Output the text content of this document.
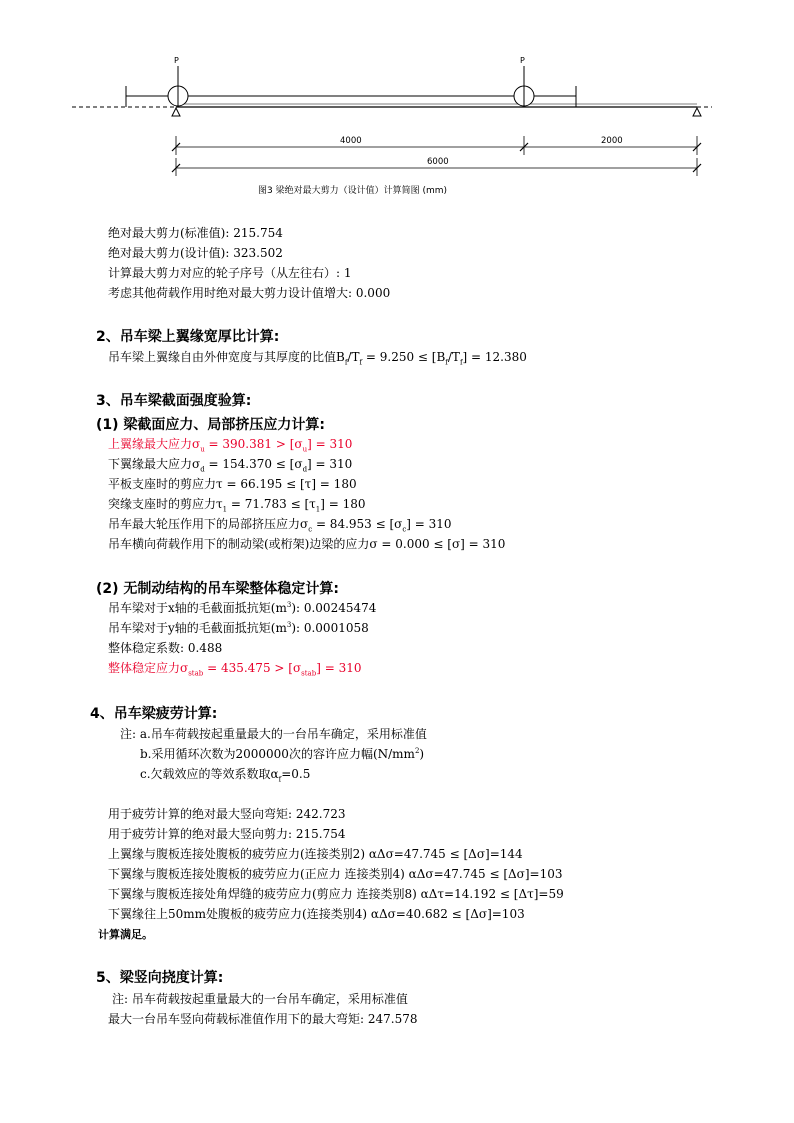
P	P
4000	2000
6000
图3 梁绝对最大剪力（设计值）计算简图 (mm)
绝对最大剪力(标准值): 215.754
绝对最大剪力(设计值): 323.502
计算最大剪力对应的轮子序号（从左往右）: 1
考虑其他荷载作用时绝对最大剪力设计值增大: 0.000
2、吊车梁上翼缘宽厚比计算:
吊车梁上翼缘自由外伸宽度与其厚度的比值$B_f/T_f = 9.250 \le [B_f/T_f] = 12.380$
3、吊车梁截面强度验算:
(1) 梁截面应力、局部挤压应力计算:
上翼缘最大应力$\sigma_u = 390.381 > [\sigma_u] = 310$
下翼缘最大应力$\sigma_d = 154.370 \le [\sigma_d] = 310$
平板支座时的剪应力τ = 66.195 ≤ [τ] = 180
突缘支座时的剪应力$\tau_1 = 71.783 \le [\tau_1] = 180$
吊车最大轮压作用下的局部挤压应力$\sigma_c = 84.953 \le [\sigma_c] = 310$
吊车横向荷载作用下的制动梁(或桁架)边梁的应力σ = 0.000 ≤ [σ] = 310
(2) 无制动结构的吊车梁整体稳定计算:
吊车梁对于x轴的毛截面抵抗矩$(m^3)$: 0.00245474
吊车梁对于y轴的毛截面抵抗矩$(m^3)$: 0.0001058
整体稳定系数: 0.488
整体稳定应力$\sigma_{stab} = 435.475 > [\sigma_{stab}] = 310$
4、吊车梁疲劳计算:
注: a.吊车荷载按起重量最大的一台吊车确定，采用标准值
b.采用循环次数为2000000次的容许应力幅$(N/mm^2)$
c.欠载效应的等效系数取$\alpha_f=0.5$
用于疲劳计算的绝对最大竖向弯矩: 242.723
用于疲劳计算的绝对最大竖向剪力: 215.754
上翼缘与腹板连接处腹板的疲劳应力(连接类别2) αΔσ=47.745 ≤ [Δσ]=144
下翼缘与腹板连接处腹板的疲劳应力(正应力 连接类别4) αΔσ=47.745 ≤ [Δσ]=103
下翼缘与腹板连接处角焊缝的疲劳应力(剪应力 连接类别8) αΔτ=14.192 ≤ [Δτ]=59
下翼缘往上50mm处腹板的疲劳应力(连接类别4) αΔσ=40.682 ≤ [Δσ]=103
计算满足。
5、梁竖向挠度计算:
注: 吊车荷载按起重量最大的一台吊车确定，采用标准值
最大一台吊车竖向荷载标准值作用下的最大弯矩: 247.578
